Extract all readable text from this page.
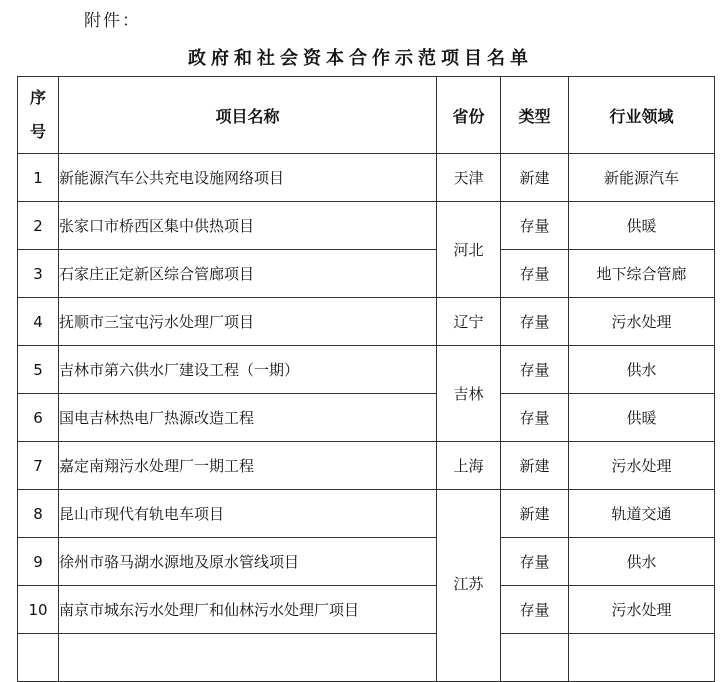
附件：
政府和社会资本合作示范项目名单
序号	项目名称	省份	类型	行业领域
1	新能源汽车公共充电设施网络项目	天津	新建	新能源汽车
2	张家口市桥西区集中供热项目	河北	存量	供暖
3	石家庄正定新区综合管廊项目		存量	地下综合管廊
4	抚顺市三宝屯污水处理厂项目	辽宁	存量	污水处理
5	吉林市第六供水厂建设工程（一期）	吉林	存量	供水
6	国电吉林热电厂热源改造工程		存量	供暖
7	嘉定南翔污水处理厂一期工程	上海	新建	污水处理
8	昆山市现代有轨电车项目	江苏	新建	轨道交通
9	徐州市骆马湖水源地及原水管线项目		存量	供水
10	南京市城东污水处理厂和仙林污水处理厂项目		存量	污水处理
